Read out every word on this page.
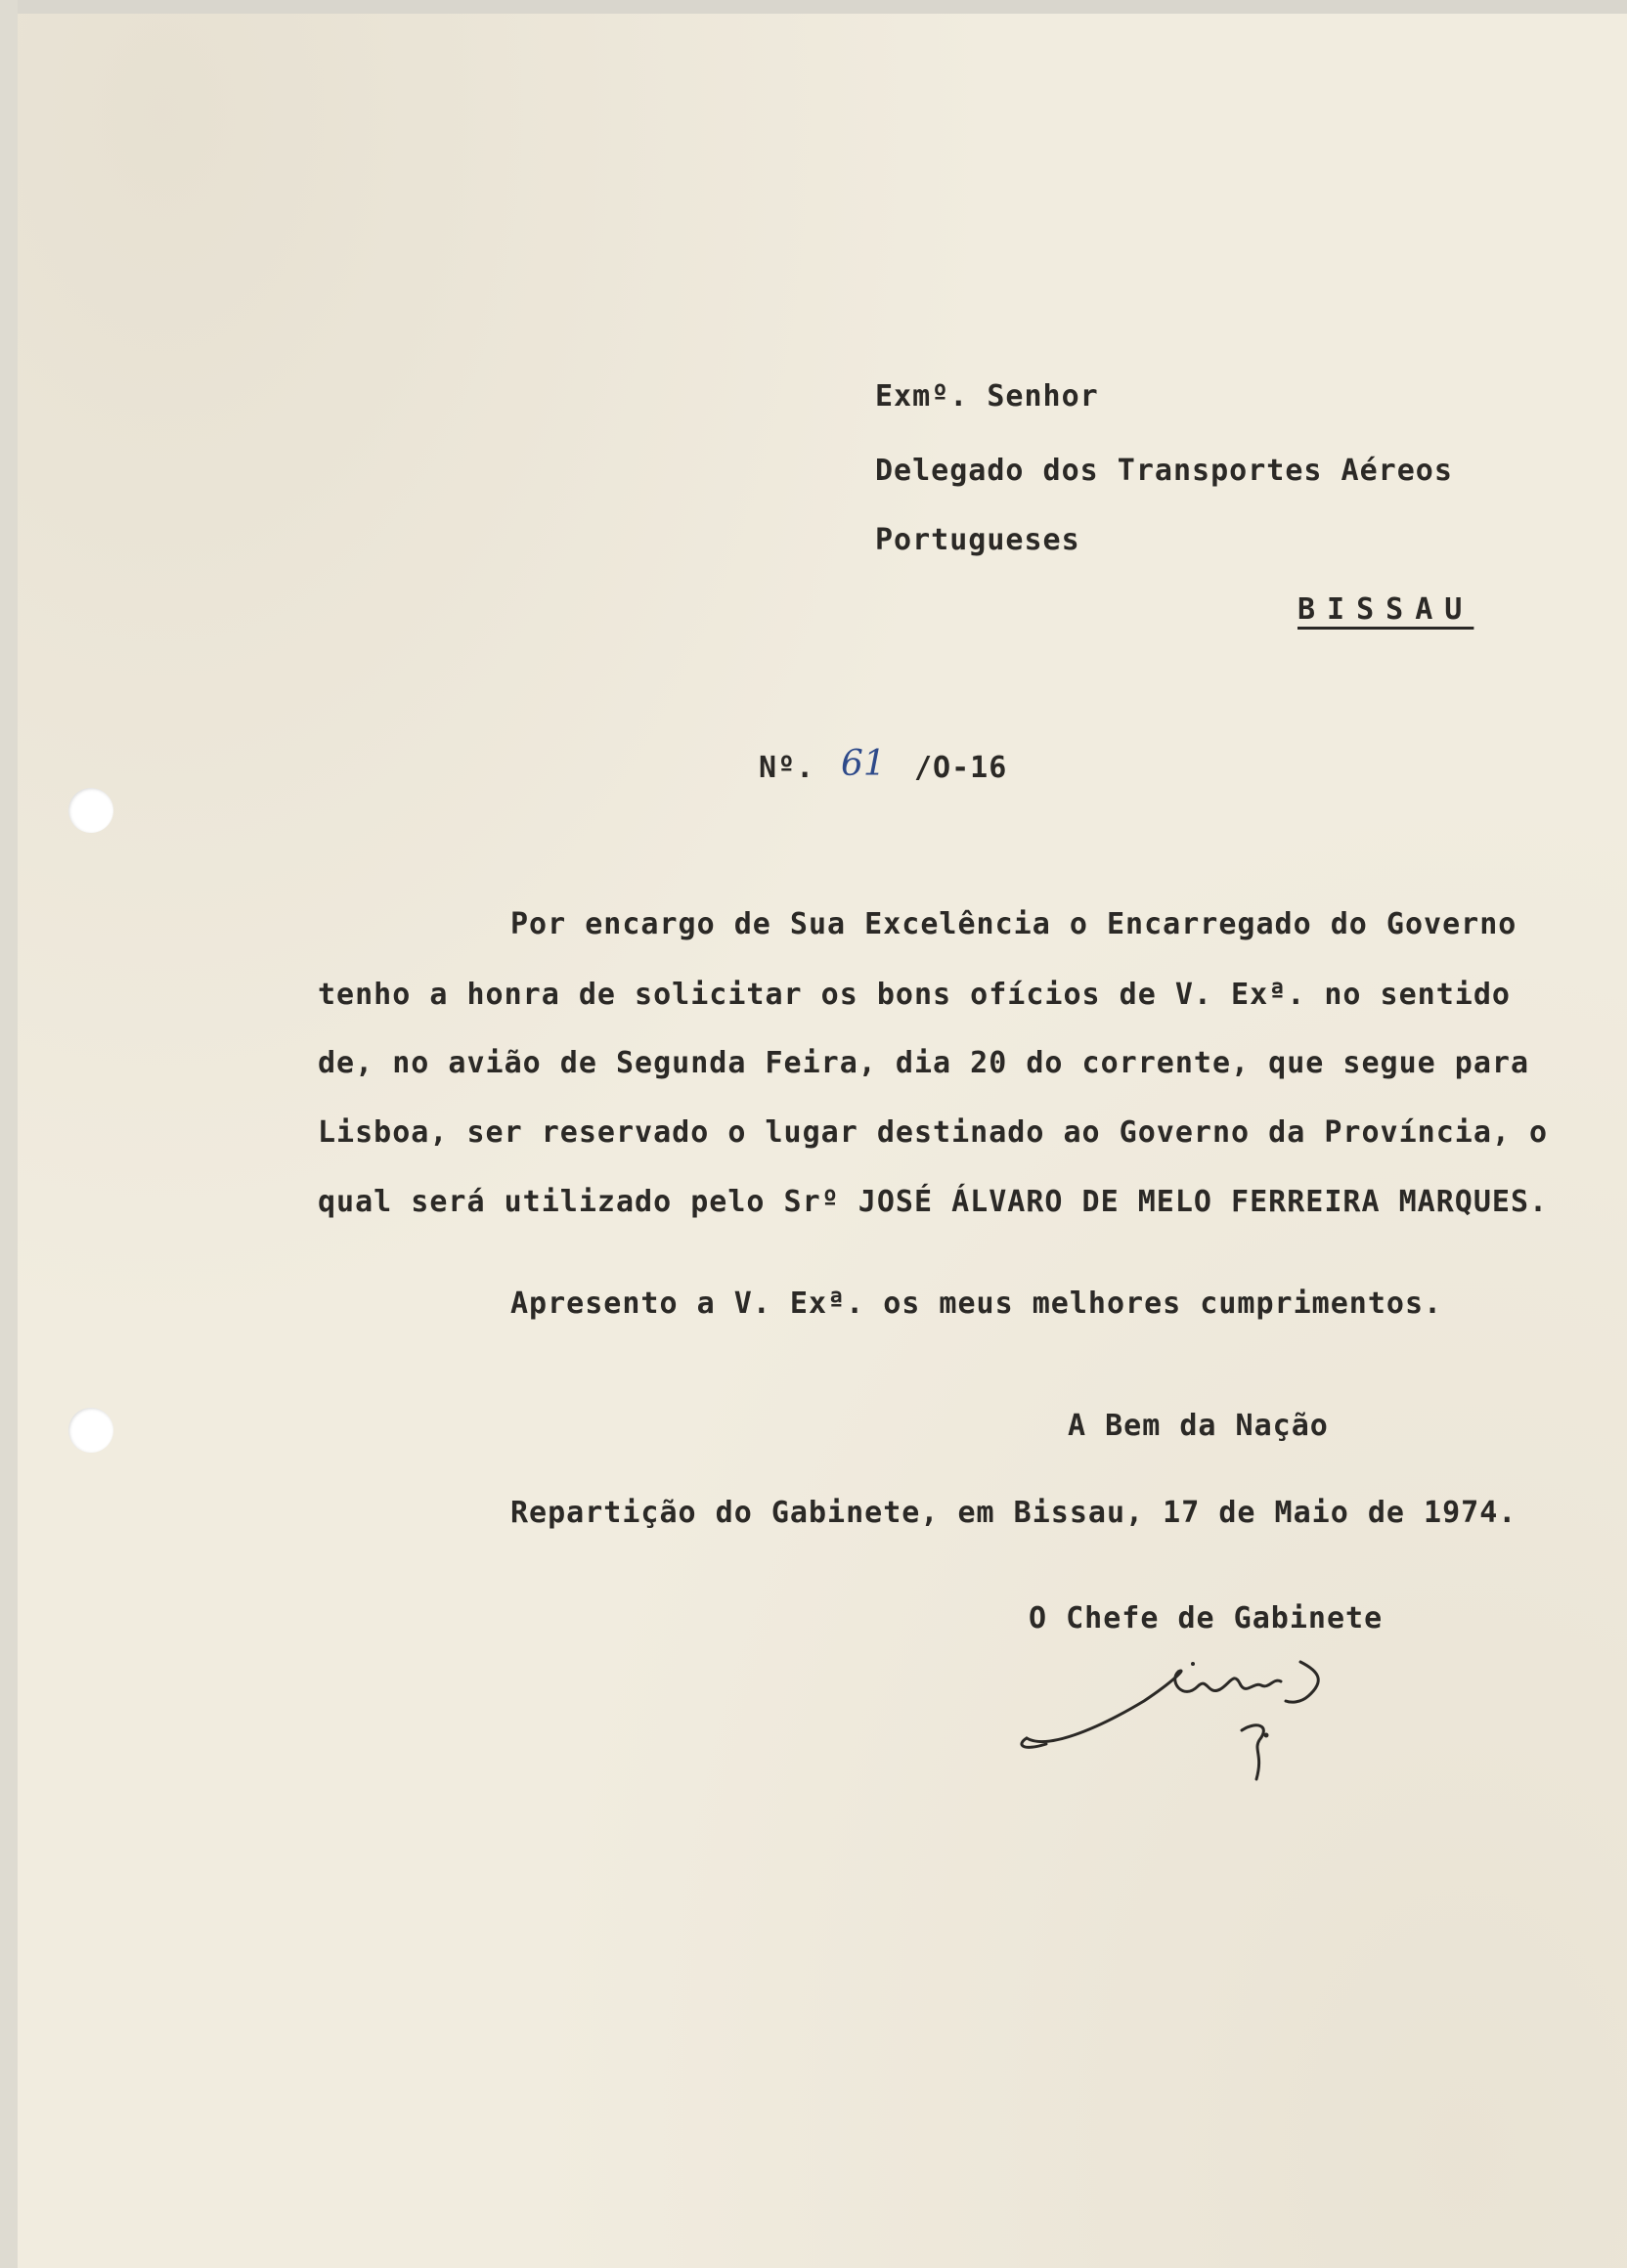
Exmº. Senhor
Delegado dos Transportes Aéreos
Portugueses
BISSAU
Nº. 61 /O-16
Por encargo de Sua Excelência o Encarregado do Governo
tenho a honra de solicitar os bons ofícios de V. Exª. no sentido
de, no avião de Segunda Feira, dia 20 do corrente, que segue para
Lisboa, ser reservado o lugar destinado ao Governo da Província, o
qual será utilizado pelo Srº JOSÉ ÁLVARO DE MELO FERREIRA MARQUES.
Apresento a V. Exª. os meus melhores cumprimentos.
A Bem da Nação
Repartição do Gabinete, em Bissau, 17 de Maio de 1974.
O Chefe de Gabinete
